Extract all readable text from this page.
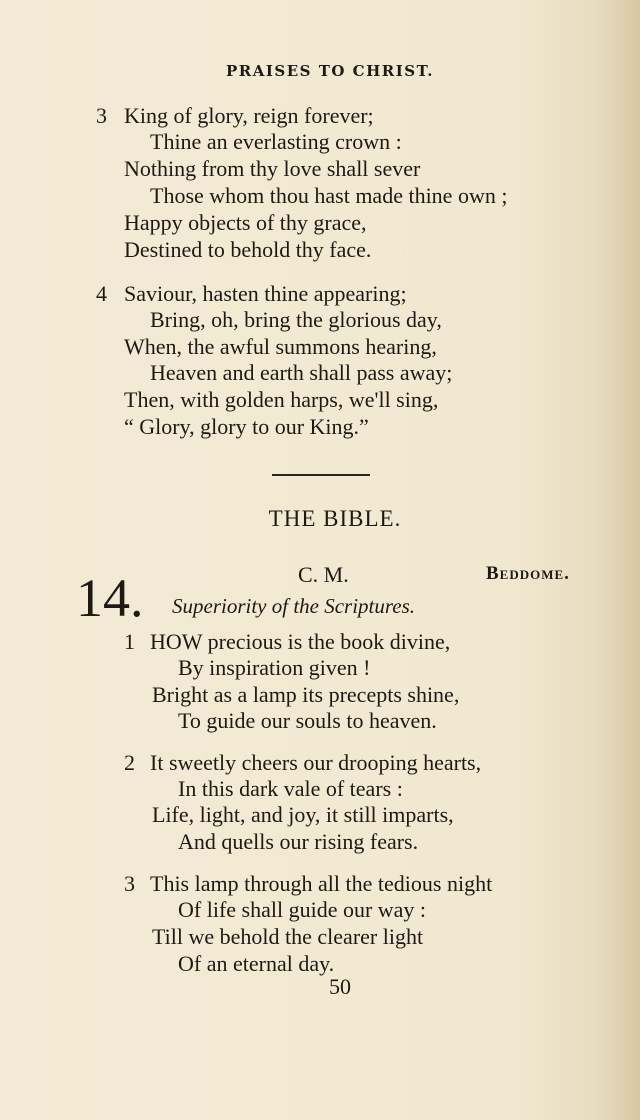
PRAISES TO CHRIST.
3 King of glory, reign forever;
Thine an everlasting crown :
Nothing from thy love shall sever
Those whom thou hast made thine own ;
Happy objects of thy grace,
Destined to behold thy face.
4 Saviour, hasten thine appearing;
Bring, oh, bring the glorious day,
When, the awful summons hearing,
Heaven and earth shall pass away;
Then, with golden harps, we'll sing,
“ Glory, glory to our King.”
THE BIBLE.
14.	C. M.	Beddome.
Superiority of the Scriptures.
1 HOW precious is the book divine,
By inspiration given !
Bright as a lamp its precepts shine,
To guide our souls to heaven.
2 It sweetly cheers our drooping hearts,
In this dark vale of tears :
Life, light, and joy, it still imparts,
And quells our rising fears.
3 This lamp through all the tedious night
Of life shall guide our way :
Till we behold the clearer light
Of an eternal day.
50
